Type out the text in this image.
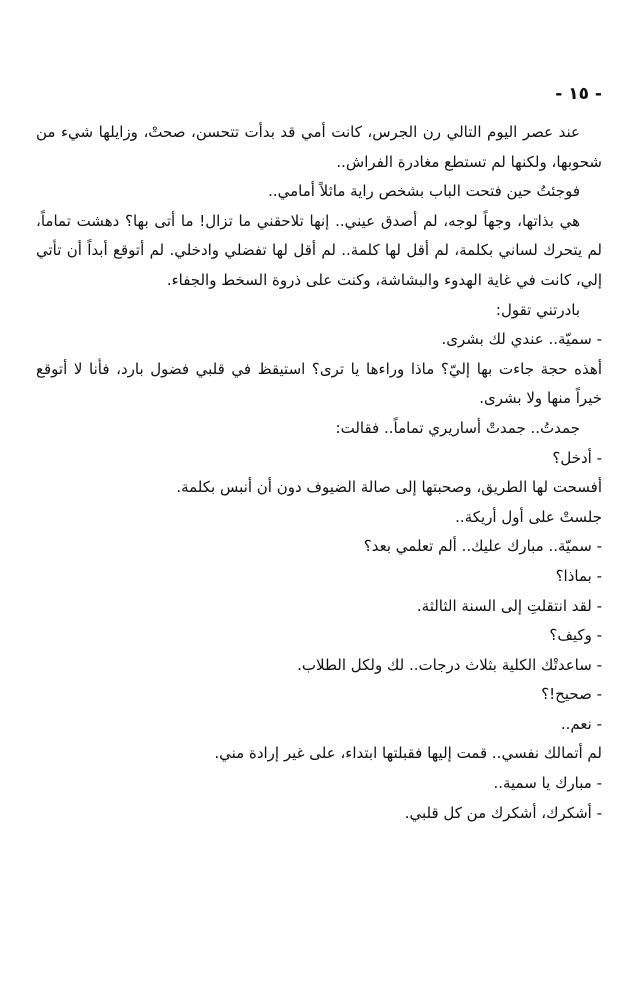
- ١٥ -

عند عصر اليوم التالي رن الجرس، كانت أمي قد بدأت تتحسن، صحتْ، وزايلها شيء من شحوبها، ولكنها لم تستطع مغادرة الفراش..

فوجئتُ حين فتحت الباب بشخص راية ماثلاً أمامي..

هي بذاتها، وجهاً لوجه، لم أصدق عيني.. إنها تلاحقني ما تزال! ما أتى بها؟ دهشت تماماً، لم يتحرك لساني بكلمة، لم أقل لها كلمة.. لم أقل لها تفضلي وادخلي. لم أتوقع أبداً أن تأتي إلي، كانت في غاية الهدوء والبشاشة، وكنت على ذروة السخط والجفاء.

بادرتني تقول:

- سميّة.. عندي لك بشرى.

أهذه حجة جاءت بها إليّ؟ ماذا وراءها يا ترى؟ استيقظ في قلبي فضول بارد، فأنا لا أتوقع خيراً منها ولا بشرى.

جمدتُ.. جمدتْ أساريري تماماً.. فقالت:

- أدخل؟

أفسحت لها الطريق، وصحبتها إلى صالة الضيوف دون أن أنبس بكلمة.

جلستْ على أول أريكة..

- سميّة.. مبارك عليك.. ألم تعلمي بعد؟

- بماذا؟

- لقد انتقلتِ إلى السنة الثالثة.

- وكيف؟

- ساعدتْك الكلية بثلاث درجات.. لك ولكل الطلاب.

- صحيح!؟

- نعم..

لم أتمالك نفسي.. قمت إليها فقبلتها ابتداء، على غير إرادة مني.

- مبارك يا سمية..

- أشكرك، أشكرك من كل قلبي.
